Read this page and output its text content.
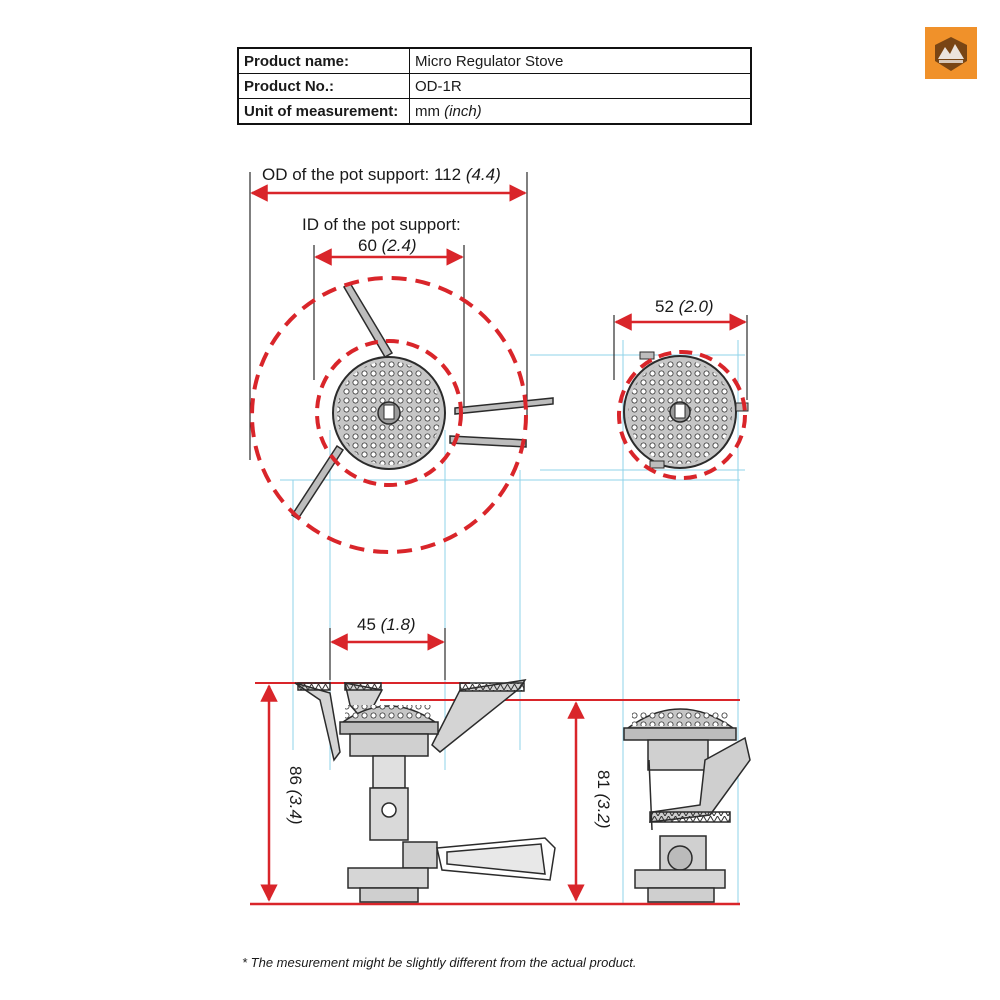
Product name:	Micro Regulator Stove
Product No.:	OD-1R
Unit of measurement:	mm (inch)
OD of the pot support: 112 (4.4)
ID of the pot support:
60 (2.4)
52 (2.0)
45 (1.8)
86 (3.4)
81 (3.2)
* The mesurement might be slightly different from the actual product.
